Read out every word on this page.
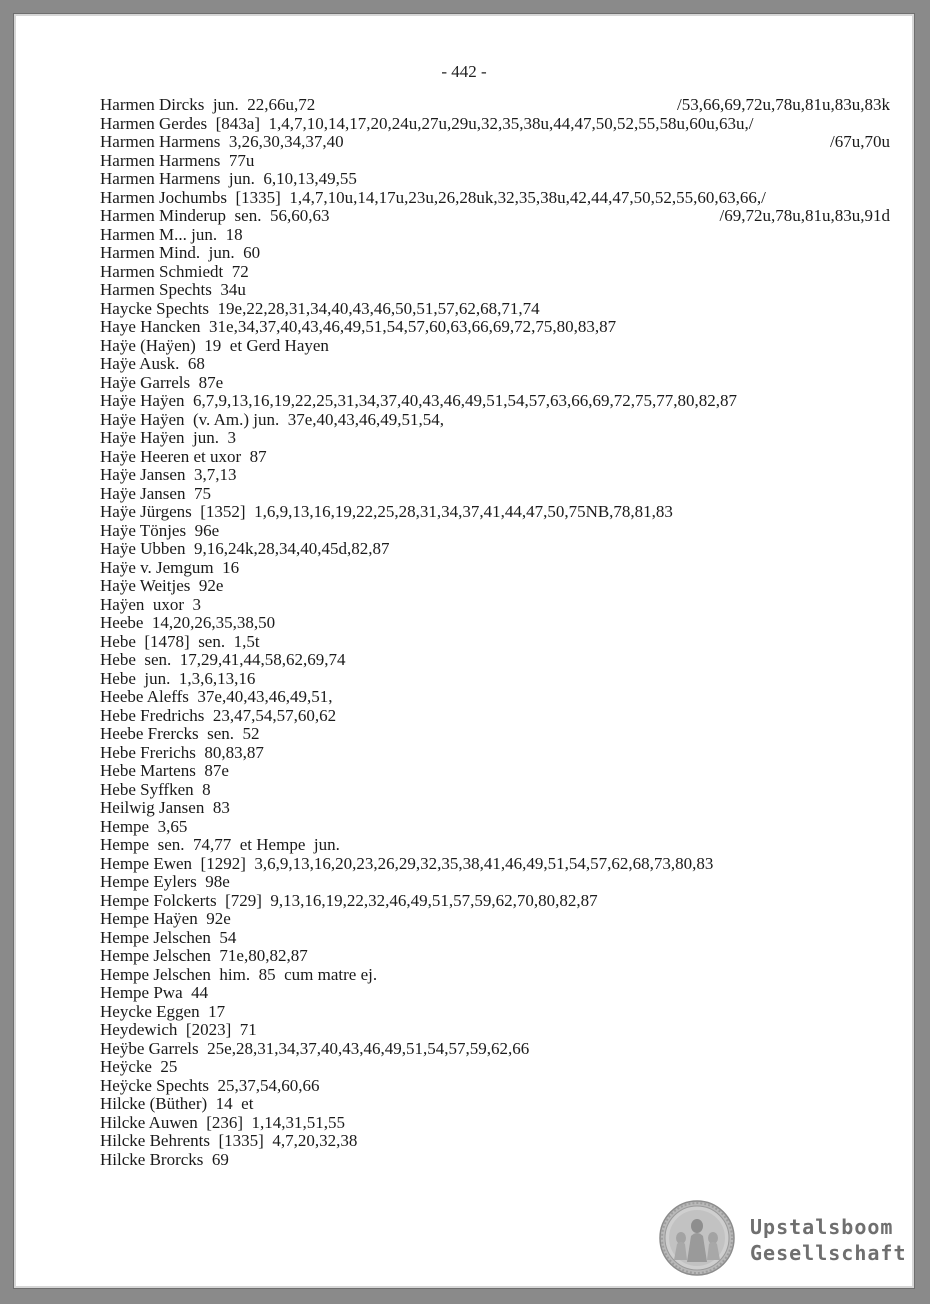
- 442 -
Harmen Dircks  jun.  22,66u,72	/53,66,69,72u,78u,81u,83u,83k
Harmen Gerdes  [843a]  1,4,7,10,14,17,20,24u,27u,29u,32,35,38u,44,47,50,52,55,58u,60u,63u,/
Harmen Harmens  3,26,30,34,37,40	/67u,70u
Harmen Harmens  77u
Harmen Harmens  jun.  6,10,13,49,55
Harmen Jochumbs  [1335]  1,4,7,10u,14,17u,23u,26,28uk,32,35,38u,42,44,47,50,52,55,60,63,66,/
Harmen Minderup  sen.  56,60,63	/69,72u,78u,81u,83u,91d
Harmen M... jun.  18
Harmen Mind.  jun.  60
Harmen Schmiedt  72
Harmen Spechts  34u
Haycke Spechts  19e,22,28,31,34,40,43,46,50,51,57,62,68,71,74
Haye Hancken  31e,34,37,40,43,46,49,51,54,57,60,63,66,69,72,75,80,83,87
Haÿe (Haÿen)  19  et Gerd Hayen
Haÿe Ausk.  68
Haÿe Garrels  87e
Haÿe Haÿen  6,7,9,13,16,19,22,25,31,34,37,40,43,46,49,51,54,57,63,66,69,72,75,77,80,82,87
Haÿe Haÿen  (v. Am.) jun.  37e,40,43,46,49,51,54,
Haÿe Haÿen  jun.  3
Haÿe Heeren et uxor  87
Haÿe Jansen  3,7,13
Haÿe Jansen  75
Haÿe Jürgens  [1352]  1,6,9,13,16,19,22,25,28,31,34,37,41,44,47,50,75NB,78,81,83
Haÿe Tönjes  96e
Haÿe Ubben  9,16,24k,28,34,40,45d,82,87
Haÿe v. Jemgum  16
Haÿe Weitjes  92e
Haÿen  uxor  3
Heebe  14,20,26,35,38,50
Hebe  [1478]  sen.  1,5t
Hebe  sen.  17,29,41,44,58,62,69,74
Hebe  jun.  1,3,6,13,16
Heebe Aleffs  37e,40,43,46,49,51,
Hebe Fredrichs  23,47,54,57,60,62
Heebe Frercks  sen.  52
Hebe Frerichs  80,83,87
Hebe Martens  87e
Hebe Syffken  8
Heilwig Jansen  83
Hempe  3,65
Hempe  sen.  74,77  et Hempe  jun.
Hempe Ewen  [1292]  3,6,9,13,16,20,23,26,29,32,35,38,41,46,49,51,54,57,62,68,73,80,83
Hempe Eylers  98e
Hempe Folckerts  [729]  9,13,16,19,22,32,46,49,51,57,59,62,70,80,82,87
Hempe Haÿen  92e
Hempe Jelschen  54
Hempe Jelschen  71e,80,82,87
Hempe Jelschen  him.  85  cum matre ej.
Hempe Pwa  44
Heycke Eggen  17
Heydewich  [2023]  71
Heÿbe Garrels  25e,28,31,34,37,40,43,46,49,51,54,57,59,62,66
Heÿcke  25
Heÿcke Spechts  25,37,54,60,66
Hilcke (Büther)  14  et
Hilcke Auwen  [236]  1,14,31,51,55
Hilcke Behrents  [1335]  4,7,20,32,38
Hilcke Brorcks  69
Upstalsboom
Gesellschaft
